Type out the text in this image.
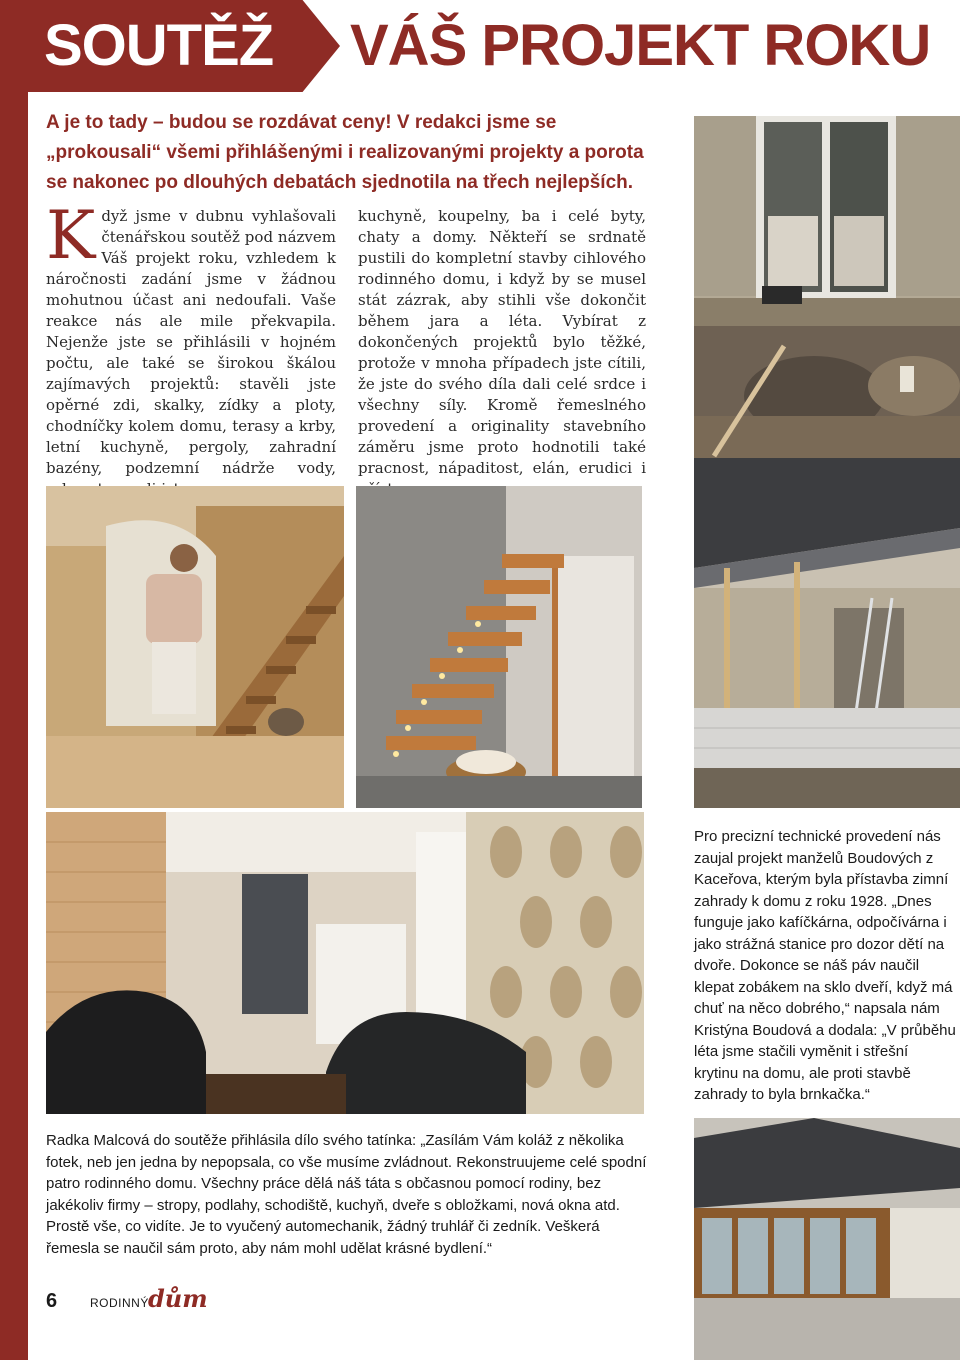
SOUTĚŽ VÁŠ PROJEKT ROKU

A je to tady – budou se rozdávat ceny! V redakci jsme se „prokousali“ všemi přihlášenými i realizovanými projekty a porota se nakonec po dlouhých debatách sjednotila na třech nejlepších.

Když jsme v dubnu vyhlašovali čtenářskou soutěž pod názvem Váš projekt roku, vzhledem k náročnosti zadání jsme v žádnou mohutnou účast ani nedoufali. Vaše reakce nás ale mile překvapila. Nejenže jste se přihlásili v hojném počtu, ale také se širokou škálou zajímavých projektů: stavěli jste opěrné zdi, skalky, zídky a ploty, chodníčky kolem domu, terasy a krby, letní kuchyně, pergoly, zahradní bazény, podzemní nádrže vody,

kuchyně, koupelny, ba i celé byty, chaty a domy. Někteří se srdnatě pustili do kompletní stavby cihlového rodinného domu, i když by se musel stát zázrak, aby stihli vše dokončit během jara a léta. Vybírat z dokončených projektů bylo těžké, protože v mnoha případech jste cítili, že jste do svého díla dali celé srdce i všechny síly. Kromě řemeslného provedení a originality stavebního záměru jsme proto hodnotili také pracnost, nápaditost, elán, erudici i

Pro precizní technické provedení nás zaujal projekt manželů Boudových z Kaceřova, kterým byla přístavba zimní zahrady k domu z roku 1928. „Dnes funguje jako kafíčkárna, odpočívárna i jako strážná stanice pro dozor dětí na dvoře. Dokonce se náš páv naučil klepat zobákem na sklo dveří, když má chuť na něco dobrého,“ napsala nám Kristýna Boudová a dodala: „V průběhu léta jsme stačili vyměnit i střešní krytinu na domu, ale proti stavbě zahrady to byla brnkačka.“

Radka Malcová do soutěže přihlásila dílo svého tatínka: „Zasílám Vám koláž z několika fotek, neb jen jedna by nepopsala, co vše musíme zvládnout. Rekonstruujeme celé spodní patro rodinného domu. Všechny práce dělá náš táta s občasnou pomocí rodiny, bez jakékoliv firmy – stropy, podlahy, schodiště, kuchyň, dveře s obložkami, nová okna atd. Prostě vše, co vidíte. Je to vyučený automechanik, žádný truhlář či zedník. Veškerá řemesla se naučil sám proto, aby nám mohl udělat krásné bydlení.“

6	RODINNÝ dům
